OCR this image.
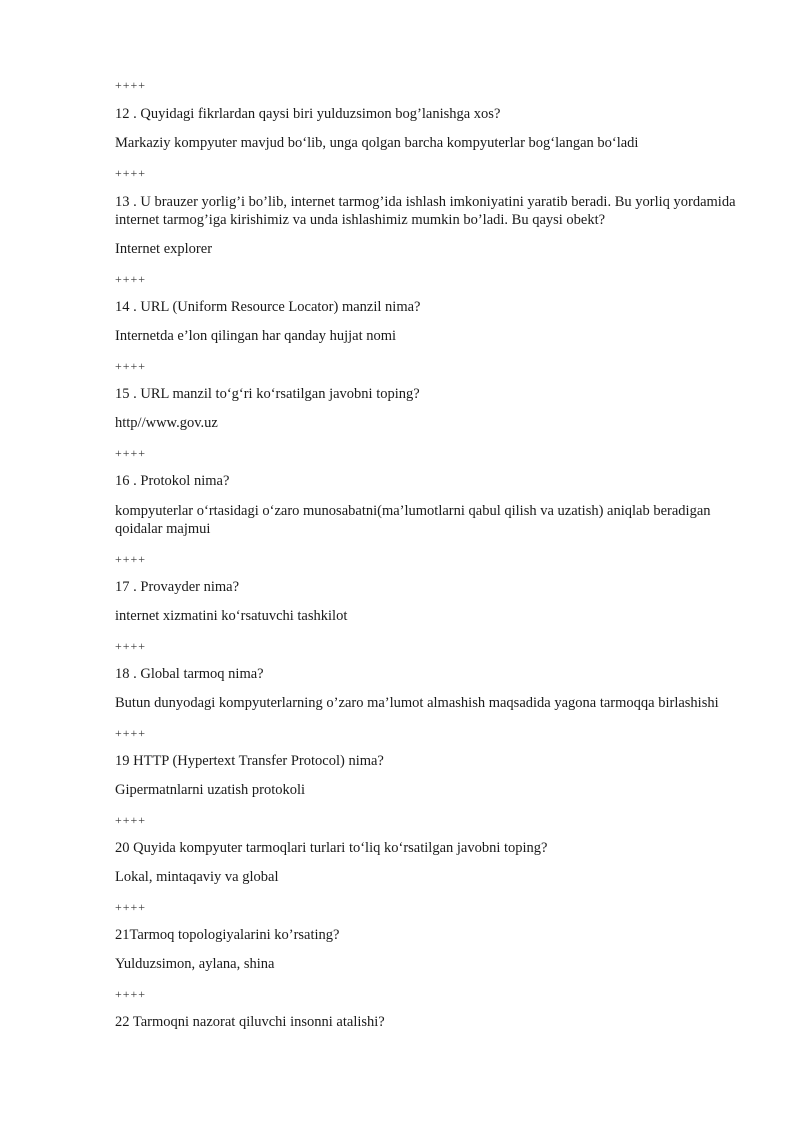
++++

12 . Quyidagi fikrlardan qaysi biri yulduzsimon bog’lanishga xos?

Markaziy kompyuter mavjud bo‘lib, unga qolgan barcha kompyuterlar bog‘langan bo‘ladi

++++

13 . U brauzer yorlig’i bo’lib, internet tarmog’ida ishlash imkoniyatini yaratib beradi. Bu yorliq yordamida internet tarmog’iga kirishimiz va unda ishlashimiz mumkin bo’ladi. Bu qaysi obekt?

Internet explorer

++++

14 . URL (Uniform Resource Locator) manzil nima?

Internetda e’lon qilingan har qanday hujjat nomi

++++

15 . URL manzil to‘g‘ri ko‘rsatilgan javobni toping?

http//www.gov.uz

++++

16 . Protokol nima?

kompyuterlar o‘rtasidagi o‘zaro munosabatni(ma’lumotlarni qabul qilish va uzatish) aniqlab beradigan qoidalar majmui

++++

17 . Provayder nima?

internet xizmatini ko‘rsatuvchi tashkilot

++++

18 . Global tarmoq nima?

Butun dunyodagi kompyuterlarning o’zaro ma’lumot almashish maqsadida yagona tarmoqqa birlashishi

++++

19 HTTP (Hypertext Transfer Protocol) nima?

Gipermatnlarni uzatish protokoli

++++

20 Quyida kompyuter tarmoqlari turlari to‘liq ko‘rsatilgan javobni toping?

Lokal, mintaqaviy va global

++++

21Tarmoq topologiyalarini ko’rsating?

Yulduzsimon, aylana, shina

++++

22 Tarmoqni nazorat qiluvchi insonni atalishi?
